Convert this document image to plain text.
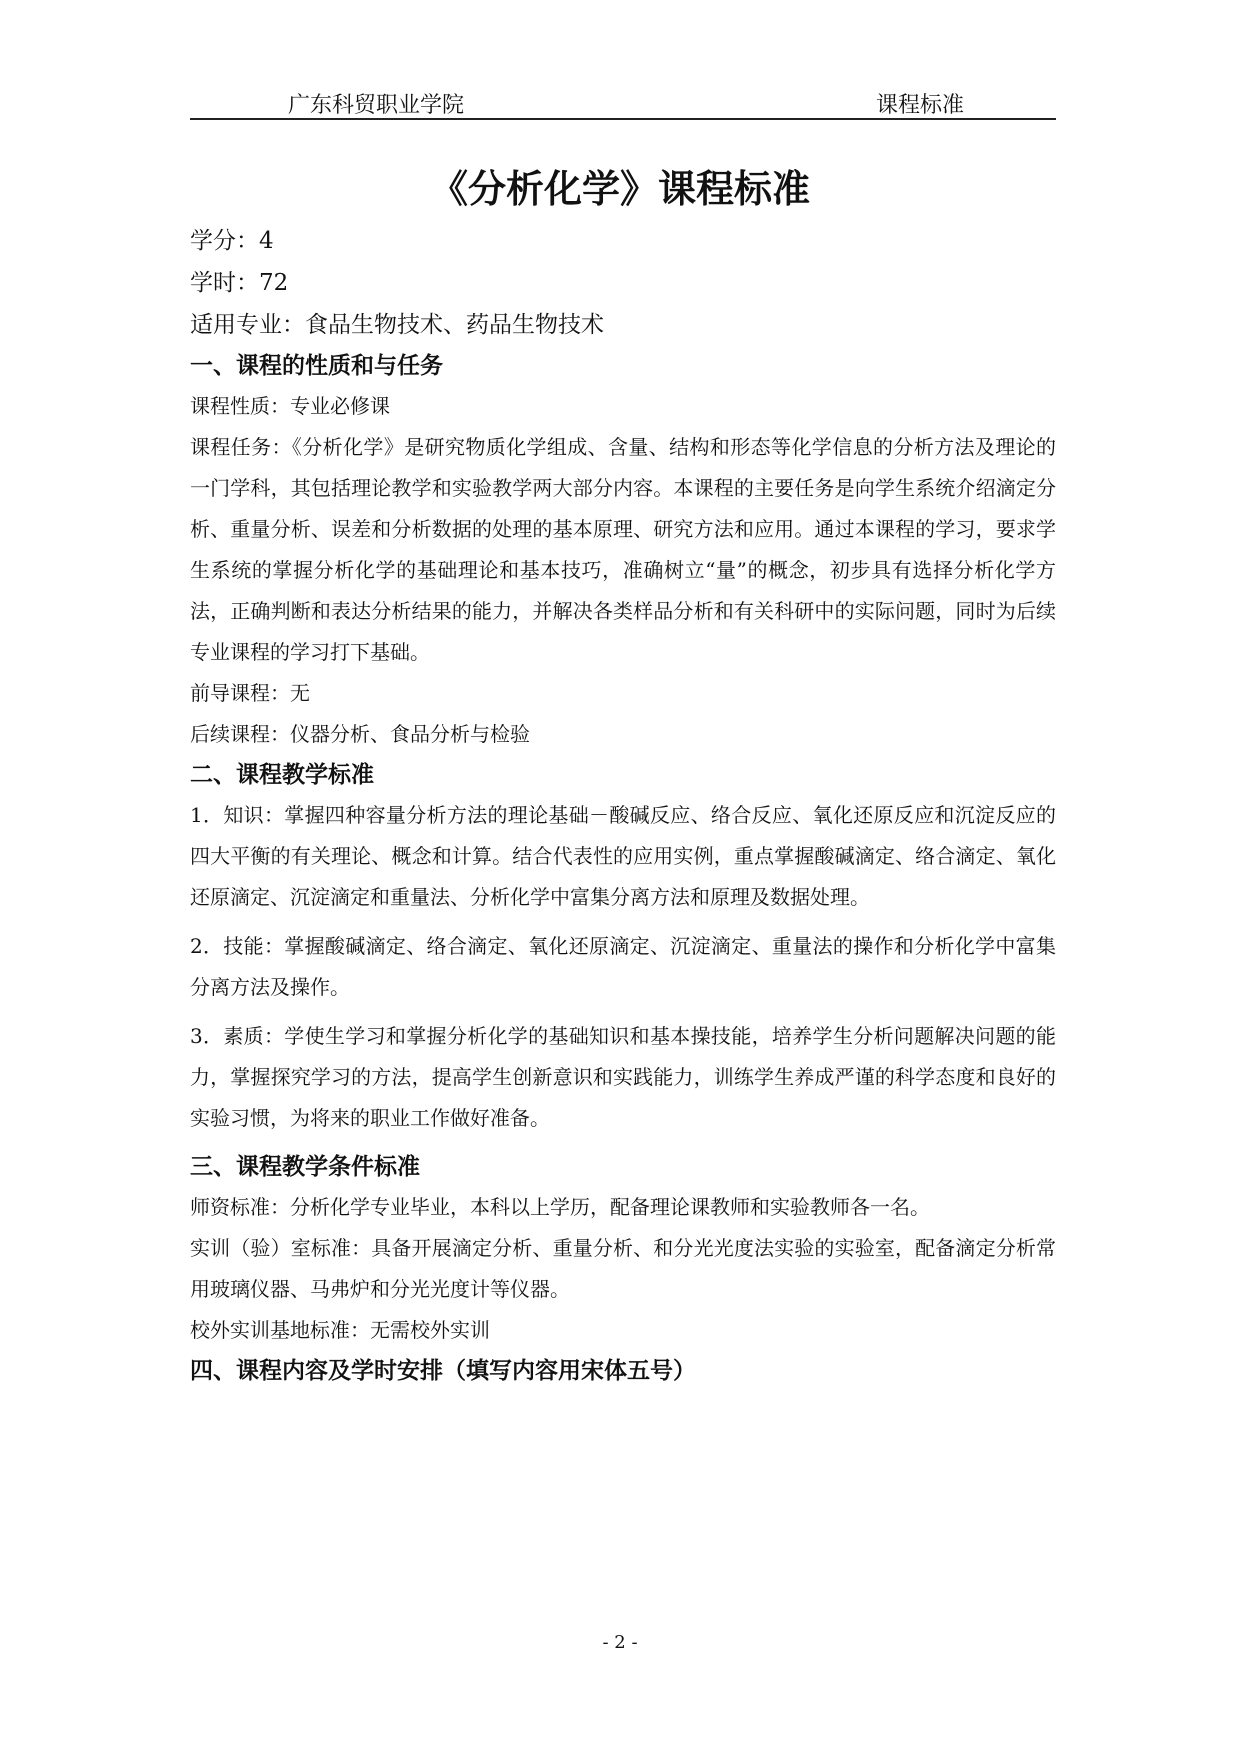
广东科贸职业学院	课程标准
《分析化学》课程标准

学分：4

学时：72

适用专业：食品生物技术、药品生物技术

一、课程的性质和与任务

课程性质：专业必修课

课程任务：《分析化学》是研究物质化学组成、含量、结构和形态等化学信息的分析方法及理论的一门学科，其包括理论教学和实验教学两大部分内容。本课程的主要任务是向学生系统介绍滴定分析、重量分析、误差和分析数据的处理的基本原理、研究方法和应用。通过本课程的学习，要求学生系统的掌握分析化学的基础理论和基本技巧，准确树立“量”的概念，初步具有选择分析化学方法，正确判断和表达分析结果的能力，并解决各类样品分析和有关科研中的实际问题，同时为后续专业课程的学习打下基础。

前导课程：无

后续课程：仪器分析、食品分析与检验

二、课程教学标准

1．知识：掌握四种容量分析方法的理论基础－酸碱反应、络合反应、氧化还原反应和沉淀反应的四大平衡的有关理论、概念和计算。结合代表性的应用实例，重点掌握酸碱滴定、络合滴定、氧化还原滴定、沉淀滴定和重量法、分析化学中富集分离方法和原理及数据处理。

2．技能：掌握酸碱滴定、络合滴定、氧化还原滴定、沉淀滴定、重量法的操作和分析化学中富集分离方法及操作。

3．素质：学使生学习和掌握分析化学的基础知识和基本操技能，培养学生分析问题解决问题的能力，掌握探究学习的方法，提高学生创新意识和实践能力，训练学生养成严谨的科学态度和良好的实验习惯，为将来的职业工作做好准备。

三、课程教学条件标准

师资标准：分析化学专业毕业，本科以上学历，配备理论课教师和实验教师各一名。

实训（验）室标准：具备开展滴定分析、重量分析、和分光光度法实验的实验室，配备滴定分析常用玻璃仪器、马弗炉和分光光度计等仪器。

校外实训基地标准：无需校外实训

四、课程内容及学时安排（填写内容用宋体五号）

- 2 -
